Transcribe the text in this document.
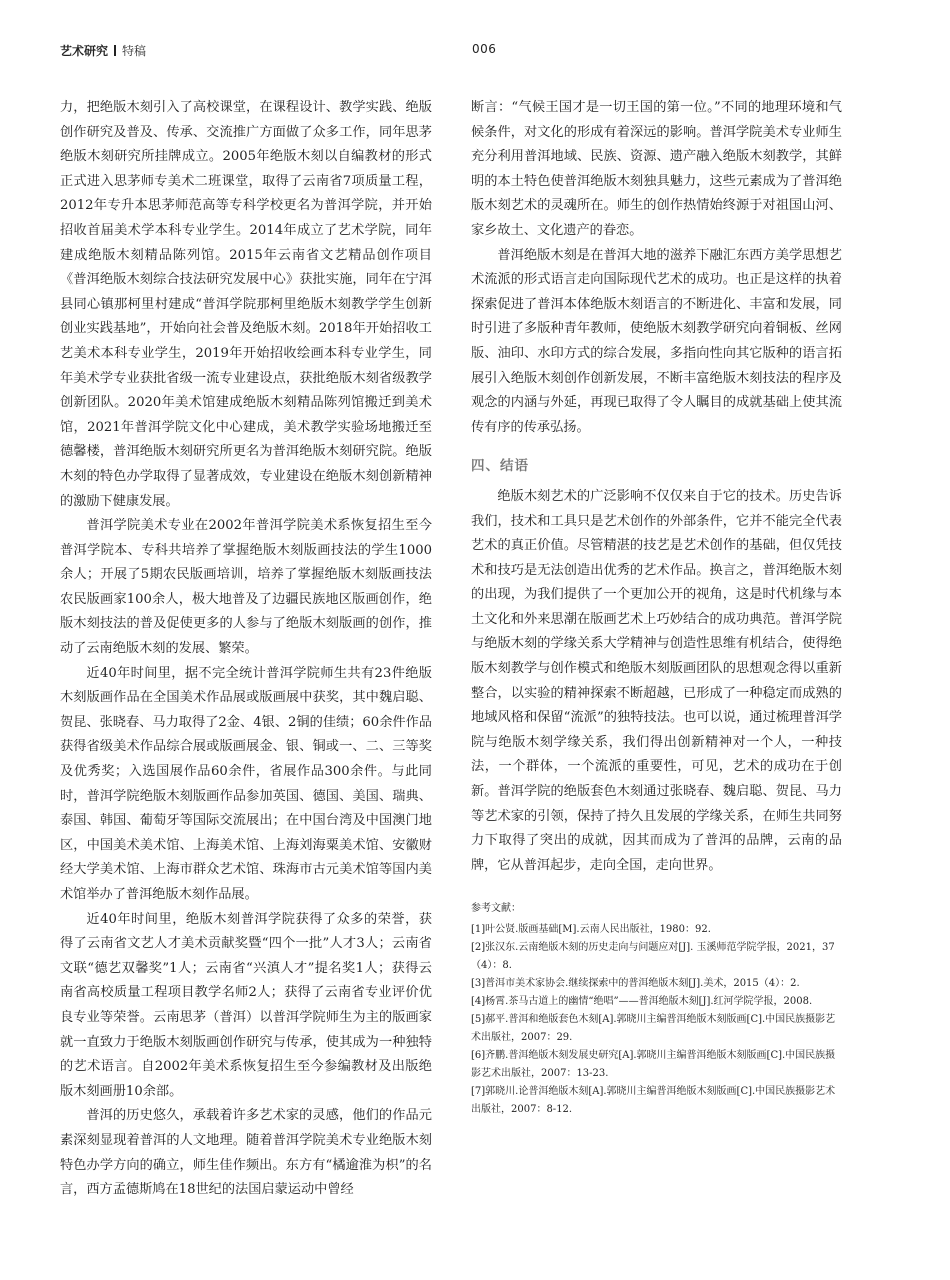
艺术研究 特稿	006

力，把绝版木刻引入了高校课堂，在课程设计、教学实践、绝版创作研究及普及、传承、交流推广方面做了众多工作，同年思茅绝版木刻研究所挂牌成立。2005年绝版木刻以自编教材的形式正式进入思茅师专美术二班课堂，取得了云南省7项质量工程，2012年专升本思茅师范高等专科学校更名为普洱学院，并开始招收首届美术学本科专业学生。2014年成立了艺术学院，同年建成绝版木刻精品陈列馆。2015年云南省文艺精品创作项目《普洱绝版木刻综合技法研究发展中心》获批实施，同年在宁洱县同心镇那柯里村建成“普洱学院那柯里绝版木刻教学学生创新创业实践基地”，开始向社会普及绝版木刻。2018年开始招收工艺美术本科专业学生，2019年开始招收绘画本科专业学生，同年美术学专业获批省级一流专业建设点，获批绝版木刻省级教学创新团队。2020年美术馆建成绝版木刻精品陈列馆搬迁到美术馆，2021年普洱学院文化中心建成，美术教学实验场地搬迁至德馨楼，普洱绝版木刻研究所更名为普洱绝版木刻研究院。绝版木刻的特色办学取得了显著成效，专业建设在绝版木刻创新精神的激励下健康发展。

普洱学院美术专业在2002年普洱学院美术系恢复招生至今普洱学院本、专科共培养了掌握绝版木刻版画技法的学生1000余人；开展了5期农民版画培训，培养了掌握绝版木刻版画技法农民版画家100余人，极大地普及了边疆民族地区版画创作，绝版木刻技法的普及促使更多的人参与了绝版木刻版画的创作，推动了云南绝版木刻的发展、繁荣。

近40年时间里，据不完全统计普洱学院师生共有23件绝版木刻版画作品在全国美术作品展或版画展中获奖，其中魏启聪、贺昆、张晓春、马力取得了2金、4银、2铜的佳绩；60余件作品获得省级美术作品综合展或版画展金、银、铜或一、二、三等奖及优秀奖；入选国展作品60余件，省展作品300余件。与此同时，普洱学院绝版木刻版画作品参加英国、德国、美国、瑞典、泰国、韩国、葡萄牙等国际交流展出；在中国台湾及中国澳门地区，中国美术美术馆、上海美术馆、上海刘海粟美术馆、安徽财经大学美术馆、上海市群众艺术馆、珠海市古元美术馆等国内美术馆举办了普洱绝版木刻作品展。

近40年时间里，绝版木刻普洱学院获得了众多的荣誉，获得了云南省文艺人才美术贡献奖暨“四个一批”人才3人；云南省文联“德艺双馨奖”1人；云南省“兴滇人才”提名奖1人；获得云南省高校质量工程项目教学名师2人；获得了云南省专业评价优良专业等荣誉。云南思茅（普洱）以普洱学院师生为主的版画家就一直致力于绝版木刻版画创作研究与传承，使其成为一种独特的艺术语言。自2002年美术系恢复招生至今参编教材及出版绝版木刻画册10余部。

普洱的历史悠久，承载着许多艺术家的灵感，他们的作品元素深刻显现着普洱的人文地理。随着普洱学院美术专业绝版木刻特色办学方向的确立，师生佳作频出。东方有“橘逾淮为枳”的名言，西方孟德斯鸠在18世纪的法国启蒙运动中曾经

断言：“气候王国才是一切王国的第一位。”不同的地理环境和气候条件，对文化的形成有着深远的影响。普洱学院美术专业师生充分利用普洱地域、民族、资源、遗产融入绝版木刻教学，其鲜明的本土特色使普洱绝版木刻独具魅力，这些元素成为了普洱绝版木刻艺术的灵魂所在。师生的创作热情始终源于对祖国山河、家乡故土、文化遗产的眷恋。

普洱绝版木刻是在普洱大地的滋养下融汇东西方美学思想艺术流派的形式语言走向国际现代艺术的成功。也正是这样的执着探索促进了普洱本体绝版木刻语言的不断进化、丰富和发展，同时引进了多版种青年教师，使绝版木刻教学研究向着铜板、丝网版、油印、水印方式的综合发展，多指向性向其它版种的语言拓展引入绝版木刻创作创新发展，不断丰富绝版木刻技法的程序及观念的内涵与外延，再现已取得了令人瞩目的成就基础上使其流传有序的传承弘扬。

四、结语

绝版木刻艺术的广泛影响不仅仅来自于它的技术。历史告诉我们，技术和工具只是艺术创作的外部条件，它并不能完全代表艺术的真正价值。尽管精湛的技艺是艺术创作的基础，但仅凭技术和技巧是无法创造出优秀的艺术作品。换言之，普洱绝版木刻的出现，为我们提供了一个更加公开的视角，这是时代机缘与本土文化和外来思潮在版画艺术上巧妙结合的成功典范。普洱学院与绝版木刻的学缘关系大学精神与创造性思维有机结合，使得绝版木刻教学与创作模式和绝版木刻版画团队的思想观念得以重新整合，以实验的精神探索不断超越，已形成了一种稳定而成熟的地域风格和保留“流派”的独特技法。也可以说，通过梳理普洱学院与绝版木刻学缘关系，我们得出创新精神对一个人，一种技法，一个群体，一个流派的重要性，可见，艺术的成功在于创新。普洱学院的绝版套色木刻通过张晓春、魏启聪、贺昆、马力等艺术家的引领，保持了持久且发展的学缘关系，在师生共同努力下取得了突出的成就，因其而成为了普洱的品牌，云南的品牌，它从普洱起步，走向全国，走向世界。

参考文献：

[1]叶公贤.版画基础[M].云南人民出版社，1980：92.

[2]张汉东.云南绝版木刻的历史走向与问题应对[J]. 玉溪师范学院学报，2021，37（4）：8.

[3]普洱市美术家协会.继续探索中的普洱绝版木刻[J].美术，2015（4）：2.

[4]杨霄.茶马古道上的幽情“绝唱”——普洱绝版木刻[J].红河学院学报，2008.

[5]郝平.普洱和绝版套色木刻[A].郭晓川主编普洱绝版木刻版画[C].中国民族摄影艺术出版社，2007：29.

[6]齐鹏.普洱绝版木刻发展史研究[A].郭晓川主编普洱绝版木刻版画[C].中国民族摄影艺术出版社，2007：13-23.

[7]郭晓川.论普洱绝版木刻[A].郭晓川主编普洱绝版木刻版画[C].中国民族摄影艺术出版社，2007：8-12.
